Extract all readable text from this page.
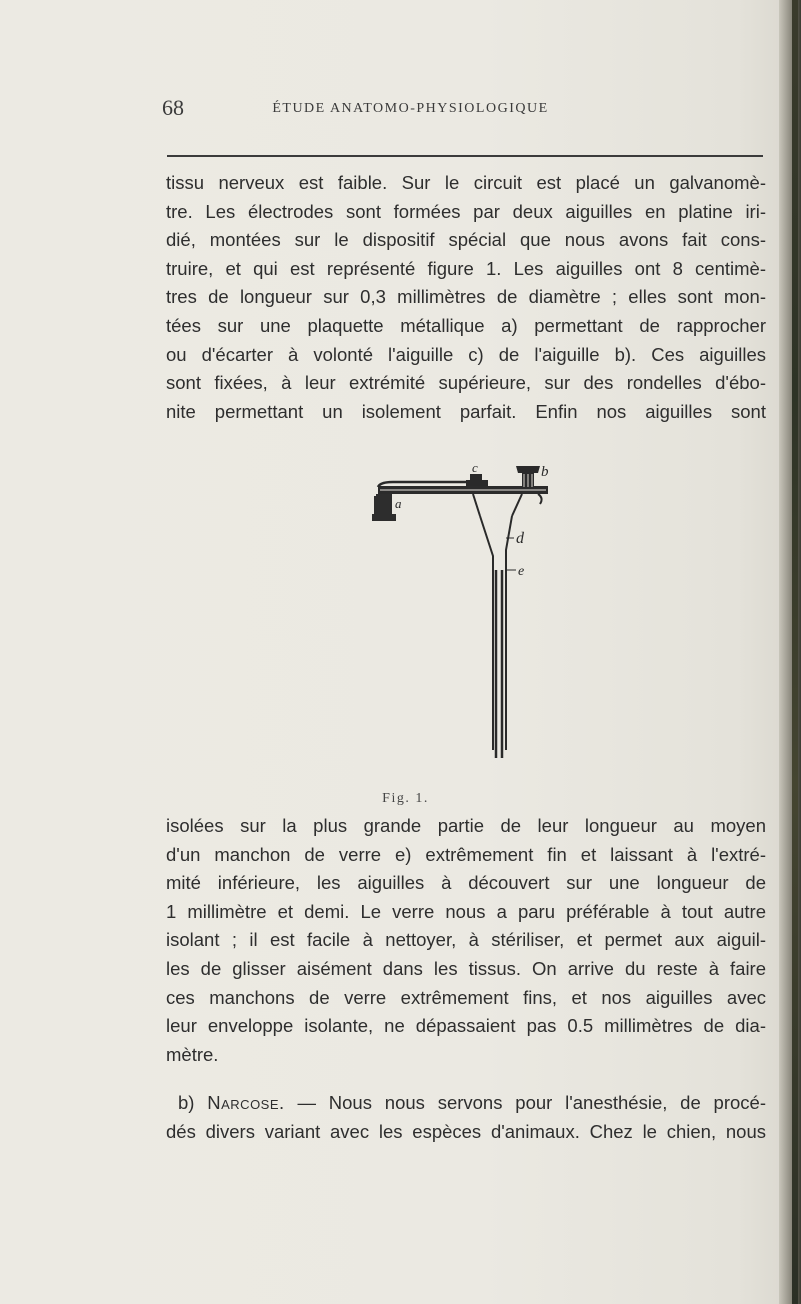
68	ÉTUDE ANATOMO-PHYSIOLOGIQUE
tissu nerveux est faible. Sur le circuit est placé un galvanomè-
tre. Les électrodes sont formées par deux aiguilles en platine iri-
dié, montées sur le dispositif spécial que nous avons fait cons-
truire, et qui est représenté figure 1. Les aiguilles ont 8 centimè-
tres de longueur sur 0,3 millimètres de diamètre ; elles sont mon-
tées sur une plaquette métallique a) permettant de rapprocher
ou d'écarter à volonté l'aiguille c) de l'aiguille b). Ces aiguilles
sont fixées, à leur extrémité supérieure, sur des rondelles d'ébo-
nite permettant un isolement parfait. Enfin nos aiguilles sont
c	b
a
d
e
Fig. 1.
isolées sur la plus grande partie de leur longueur au moyen
d'un manchon de verre e) extrêmement fin et laissant à l'extré-
mité inférieure, les aiguilles à découvert sur une longueur de
1 millimètre et demi. Le verre nous a paru préférable à tout autre
isolant ; il est facile à nettoyer, à stériliser, et permet aux aiguil-
les de glisser aisément dans les tissus. On arrive du reste à faire
ces manchons de verre extrêmement fins, et nos aiguilles avec
leur enveloppe isolante, ne dépassaient pas 0.5 millimètres de dia-
mètre.
b) Narcose. — Nous nous servons pour l'anesthésie, de procé-
dés divers variant avec les espèces d'animaux. Chez le chien, nous
